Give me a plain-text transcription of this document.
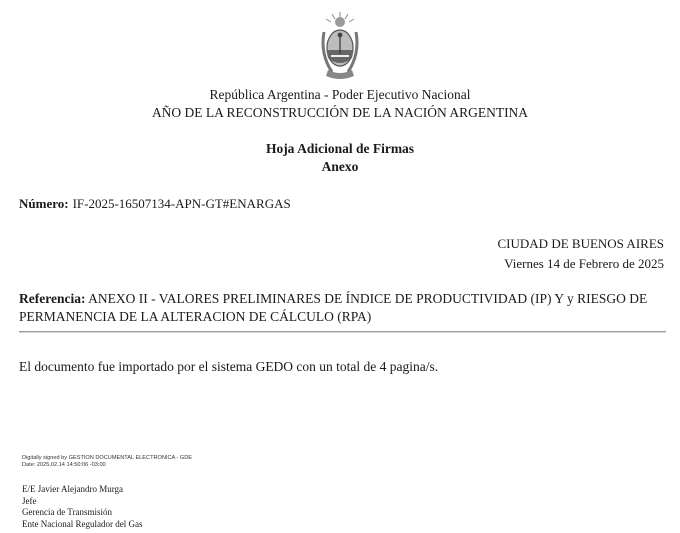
República Argentina - Poder Ejecutivo Nacional
AÑO DE LA RECONSTRUCCIÓN DE LA NACIÓN ARGENTINA
Hoja Adicional de Firmas
Anexo
Número: IF-2025-16507134-APN-GT#ENARGAS
CIUDAD DE BUENOS AIRES
Viernes 14 de Febrero de 2025
Referencia: ANEXO II - VALORES PRELIMINARES DE ÍNDICE DE PRODUCTIVIDAD (IP) Y y RIESGO DE PERMANENCIA DE LA ALTERACION DE CÁLCULO (RPA)
El documento fue importado por el sistema GEDO con un total de 4 pagina/s.
Digitally signed by GESTION DOCUMENTAL ELECTRONICA - GDE
Date: 2025.02.14 14:50:06 -03:00
E/E Javier Alejandro Murga
Jefe
Gerencia de Transmisión
Ente Nacional Regulador del Gas
